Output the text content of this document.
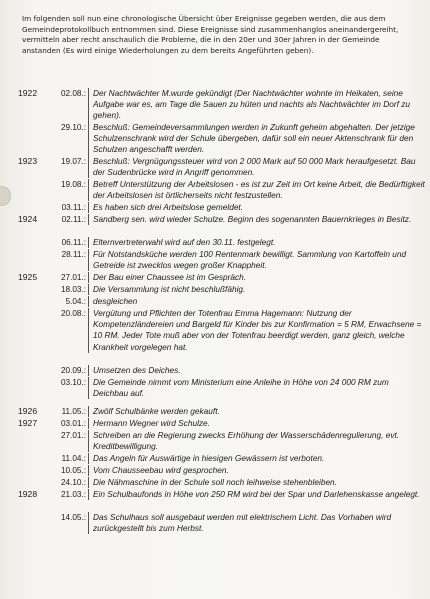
Im folgenden soll nun eine chronologische Übersicht über Ereignisse gegeben werden, die aus dem Gemeindeprotokollbuch entnommen sind. Diese Ereignisse sind zusammenhanglos aneinandergereiht, vermitteln aber recht anschaulich die Probleme, die in den 20er und 30er Jahren in der Gemeinde anstanden (Es wird einige Wiederholungen zu dem bereits Angeführten geben).
1922	02.08.: Der Nachtwächter M.wurde gekündigt (Der Nachtwächter wohnte im Heikaten, seine Aufgabe war es, am Tage die Sauen zu hüten und nachts als Nachtwächter im Dorf zu gehen).
29.10.: Beschluß: Gemeindeversammlungen werden in Zukunft geheim abgehalten. Der jetzige Schulzenschrank wird der Schule übergeben, dafür soll ein neuer Aktenschrank für den Schulzen angeschafft werden.
1923	19.07.: Beschluß: Vergnügungssteuer wird von 2 000 Mark auf 50 000 Mark heraufgesetzt. Bau der Sudenbrücke wird in Angriff genommen.
19.08.: Betreff Unterstützung der Arbeitslosen - es ist zur Zeit im Ort keine Arbeit, die Bedürftigkeit der Arbeitslosen ist örtlicherseits nicht festzustellen.
03.11.: Es haben sich drei Arbeitslose gemeldet.
1924	02.11.: Sandberg sen. wird wieder Schulze. Beginn des sogenannten Bauernkrieges in Besitz.
06.11.: Elternvertreterwahl wird auf den 30.11. festgelegt.
28.11.: Für Notstandsküche werden 100 Rentenmark bewilligt. Sammlung von Kartoffeln und Getreide ist zwecklos wegen großer Knappheit.
1925	27.01.: Der Bau einer Chaussee ist im Gespräch.
18.03.: Die Versammlung ist nicht beschlußfähig.
5.04.: desgleichen
20.08.: Vergütung und Pflichten der Totenfrau Emma Hagemann: Nutzung der Kompetenzländereien und Bargeld für Kinder bis zur Konfirmation = 5 RM, Erwachsene = 10 RM. Jeder Tote muß aber von der Totenfrau beerdigt werden, ganz gleich, welche Krankheit vorgelegen hat.
20.09.: Umsetzen des Deiches.
03.10.: Die Gemeinde nimmt vom Ministerium eine Anleihe in Höhe von 24 000 RM zum Deichbau auf.
1926	11.05.: Zwölf Schulbänke werden gekauft.
1927	03.01.: Hermann Wegner wird Schulze.
27.01.: Schreiben an die Regierung zwecks Erhöhung der Wasserschädenregulierung, evt. Kreditbewilligung.
11.04.: Das Angeln für Auswärtige in hiesigen Gewässern ist verboten.
10.05.: Vom Chausseebau wird gesprochen.
24.10.: Die Nähmaschine in der Schule soll noch leihweise stehenbleiben.
1928	21.03.: Ein Schulbaufonds in Höhe von 250 RM wird bei der Spar und Darlehenskasse angelegt.
14.05.: Das Schulhaus soll ausgebaut werden mit elektrischem Licht. Das Vorhaben wird zurückgestellt bis zum Herbst.
